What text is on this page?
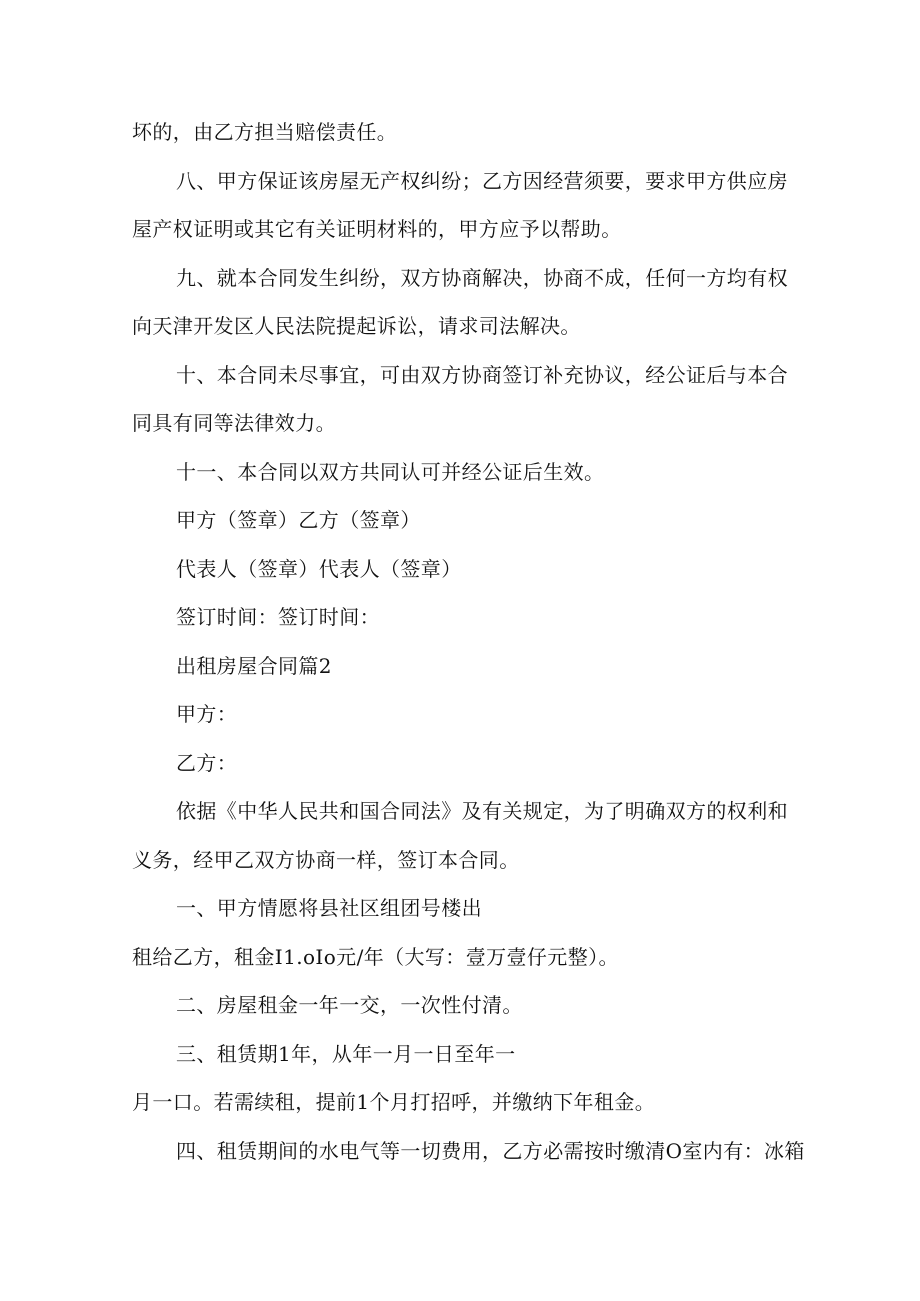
坏的，由乙方担当赔偿责任。
八、甲方保证该房屋无产权纠纷；乙方因经营须要，要求甲方供应房
屋产权证明或其它有关证明材料的，甲方应予以帮助。
九、就本合同发生纠纷，双方协商解决，协商不成，任何一方均有权
向天津开发区人民法院提起诉讼，请求司法解决。
十、本合同未尽事宜，可由双方协商签订补充协议，经公证后与本合
同具有同等法律效力。
十一、本合同以双方共同认可并经公证后生效。
甲方（签章）乙方（签章）
代表人（签章）代表人（签章）
签订时间：签订时间：
出租房屋合同篇2
甲方：
乙方：
依据《中华人民共和国合同法》及有关规定，为了明确双方的权利和
义务，经甲乙双方协商一样，签订本合同。
一、甲方情愿将县社区组团号楼出
租给乙方，租金I1.oIo元/年（大写：壹万壹仔元整）。
二、房屋租金一年一交，一次性付清。
三、租赁期1年，从年一月一日至年一
月一口。若需续租，提前1个月打招呼，并缴纳下年租金。
四、租赁期间的水电气等一切费用，乙方必需按时缴清O室内有：冰箱
